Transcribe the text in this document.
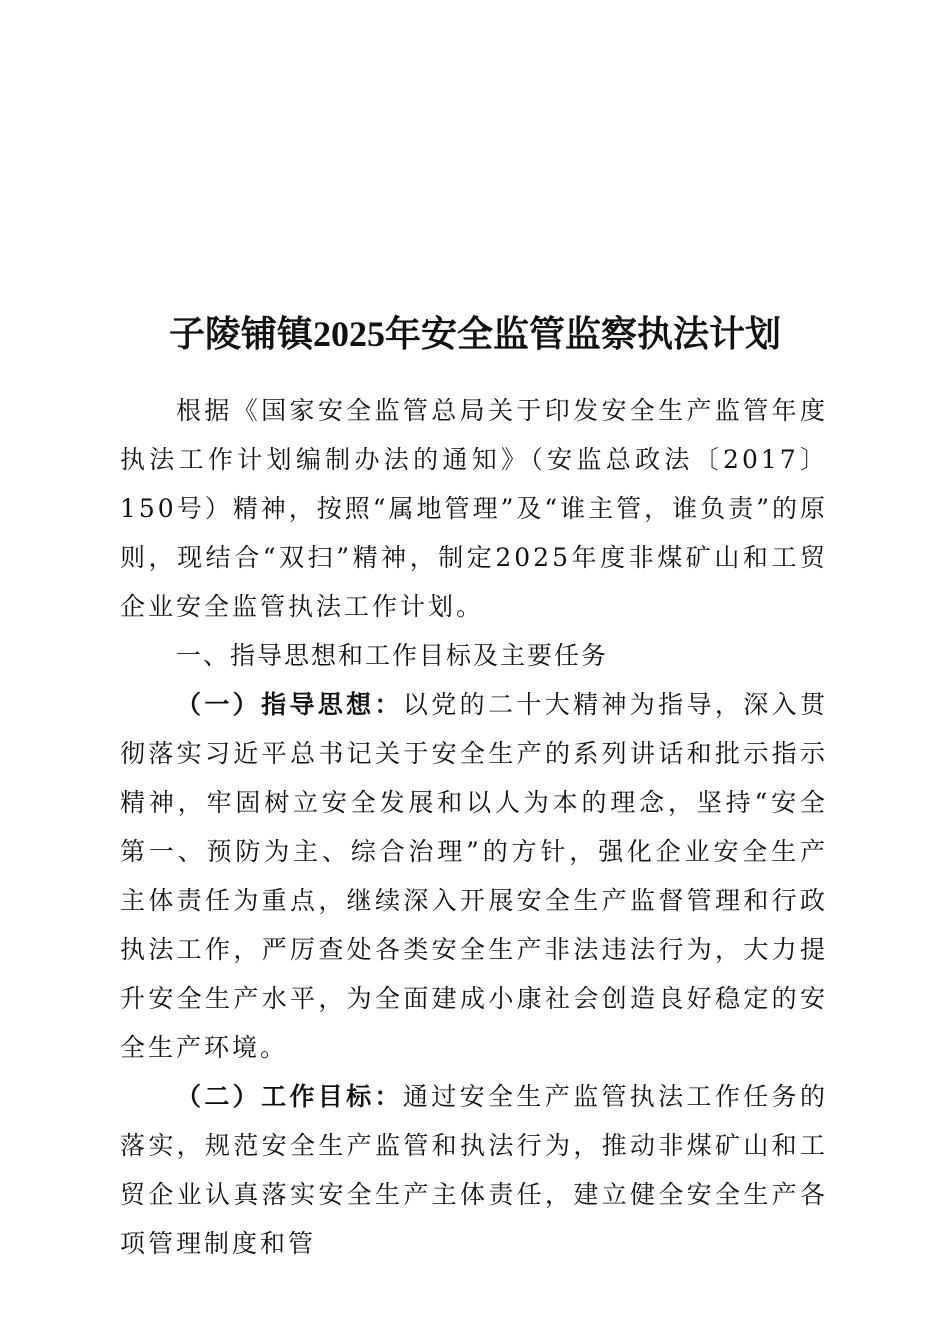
子陵铺镇2025年安全监管监察执法计划

根据《国家安全监管总局关于印发安全生产监管年度执法工作计划编制办法的通知》（安监总政法〔2017〕150号）精神，按照“属地管理”及“谁主管，谁负责”的原则，现结合“双扫”精神，制定2025年度非煤矿山和工贸企业安全监管执法工作计划。

一、指导思想和工作目标及主要任务

（一）指导思想：以党的二十大精神为指导，深入贯彻落实习近平总书记关于安全生产的系列讲话和批示指示精神，牢固树立安全发展和以人为本的理念，坚持“安全第一、预防为主、综合治理”的方针，强化企业安全生产主体责任为重点，继续深入开展安全生产监督管理和行政执法工作，严厉查处各类安全生产非法违法行为，大力提升安全生产水平，为全面建成小康社会创造良好稳定的安全生产环境。

（二）工作目标：通过安全生产监管执法工作任务的落实，规范安全生产监管和执法行为，推动非煤矿山和工贸企业认真落实安全生产主体责任，建立健全安全生产各项管理制度和管
